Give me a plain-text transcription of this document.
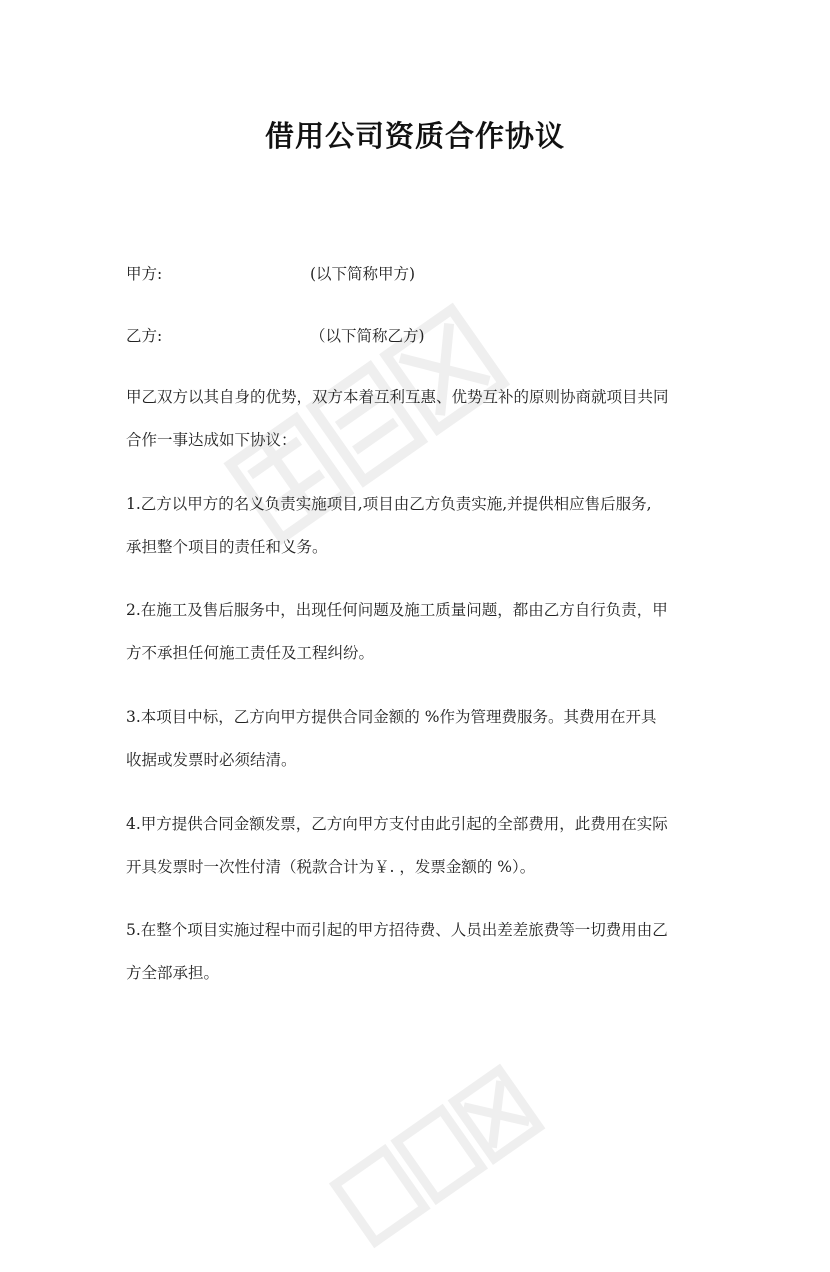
借用公司资质合作协议
甲方:	(以下简称甲方)
乙方:	（以下简称乙方)
甲乙双方以其自身的优势，双方本着互利互惠、优势互补的原则协商就项目共同
合作一事达成如下协议：
1.乙方以甲方的名义负责实施项目,项目由乙方负责实施,并提供相应售后服务,
承担整个项目的责任和义务。
2.在施工及售后服务中，出现任何问题及施工质量问题，都由乙方自行负责，甲
方不承担任何施工责任及工程纠纷。
3.本项目中标，乙方向甲方提供合同金额的 %作为管理费服务。其费用在开具
收据或发票时必须结清。
4.甲方提供合同金额发票，乙方向甲方支付由此引起的全部费用，此费用在实际
开具发票时一次性付清（税款合计为￥. ，发票金额的 %）。
5.在整个项目实施过程中而引起的甲方招待费、人员出差差旅费等一切费用由乙
方全部承担。
